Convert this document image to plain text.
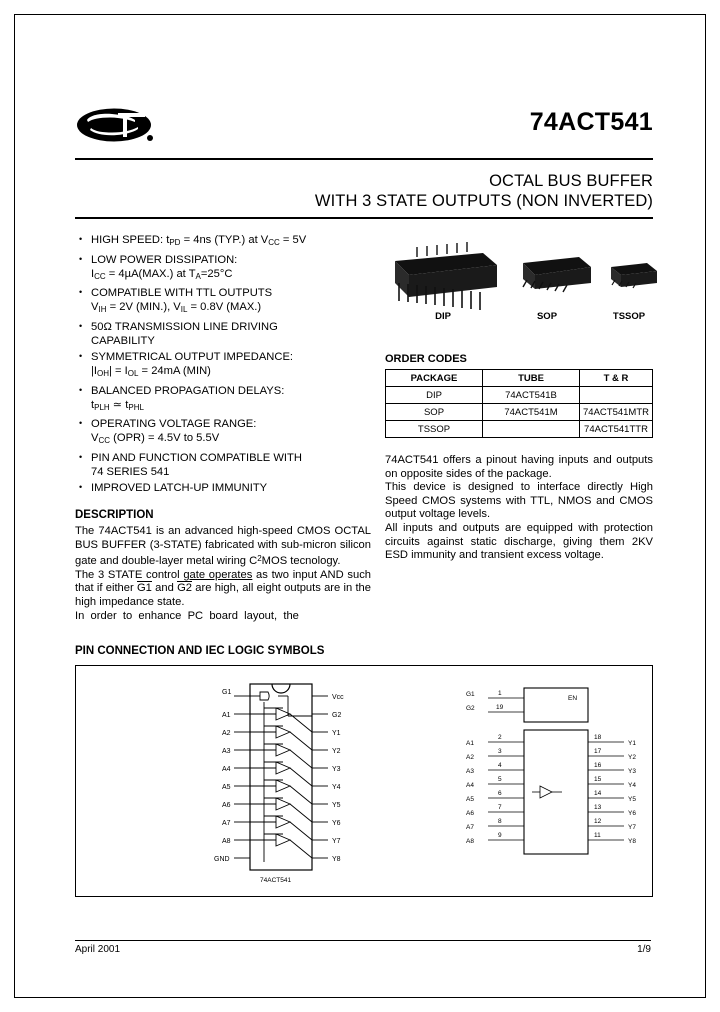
74ACT541
OCTAL BUS BUFFER
WITH 3 STATE OUTPUTS (NON INVERTED)
• HIGH SPEED: $t_{PD} = 4ns$ (TYP.) at $V_{CC} = 5V$
• LOW POWER DISSIPATION:
$I_{CC} = 4\mu A(MAX.)$ at $T_A=25^\circ C$
• COMPATIBLE WITH TTL OUTPUTS
$V_{IH} = 2V$ (MIN.), $V_{IL} = 0.8V$ (MAX.)
• 50Ω TRANSMISSION LINE DRIVING
CAPABILITY
• SYMMETRICAL OUTPUT IMPEDANCE:
$|I_{OH}| = I_{OL} = 24mA$ (MIN)
• BALANCED PROPAGATION DELAYS:
$t_{PLH}$ ≃ $t_{PHL}$
• OPERATING VOLTAGE RANGE:
$V_{CC}$ (OPR) = 4.5V to 5.5V
• PIN AND FUNCTION COMPATIBLE WITH
74 SERIES 541
• IMPROVED LATCH-UP IMMUNITY
DESCRIPTION

The 74ACT541 is an advanced high-speed CMOS OCTAL BUS BUFFER (3-STATE) fabricated with sub-micron silicon gate and double-layer metal wiring $C^2MOS$ tecnology.

The 3 STATE control gate operates as two input AND such that if either G1 and G2 are high, all eight outputs are in the high impedance state.

In  order  to  enhance  PC  board  layout,  the

DIP	SOP	TSSOP
ORDER CODES
PACKAGE	TUBE	T & R
DIP	74ACT541B	
SOP	74ACT541M	74ACT541MTR
TSSOP		74ACT541TTR

74ACT541 offers a pinout having inputs and outputs on opposite sides of the package.

This device is designed to interface directly High Speed CMOS systems with TTL, NMOS and CMOS output voltage levels.

All inputs and outputs are equipped with protection circuits against static discharge, giving them 2KV ESD immunity and transient excess voltage.

PIN CONNECTION AND IEC LOGIC SYMBOLS
G1
A1
A2
A3
A4
A5
A6
A7
A8
GND
Vcc
G2
Y1
Y2
Y3
Y4
Y5
Y6
Y7
Y8
74ACT541
G1	1
G2	19
EN
A1
2
A2
3
A3
4
A4
5
A5
6
A6
7
A7
8
A8
9
Y1
18
Y2
17
Y3
16
Y4
15
Y5
14
Y6
13
Y7
12
Y8
11
April 2001	1/9
